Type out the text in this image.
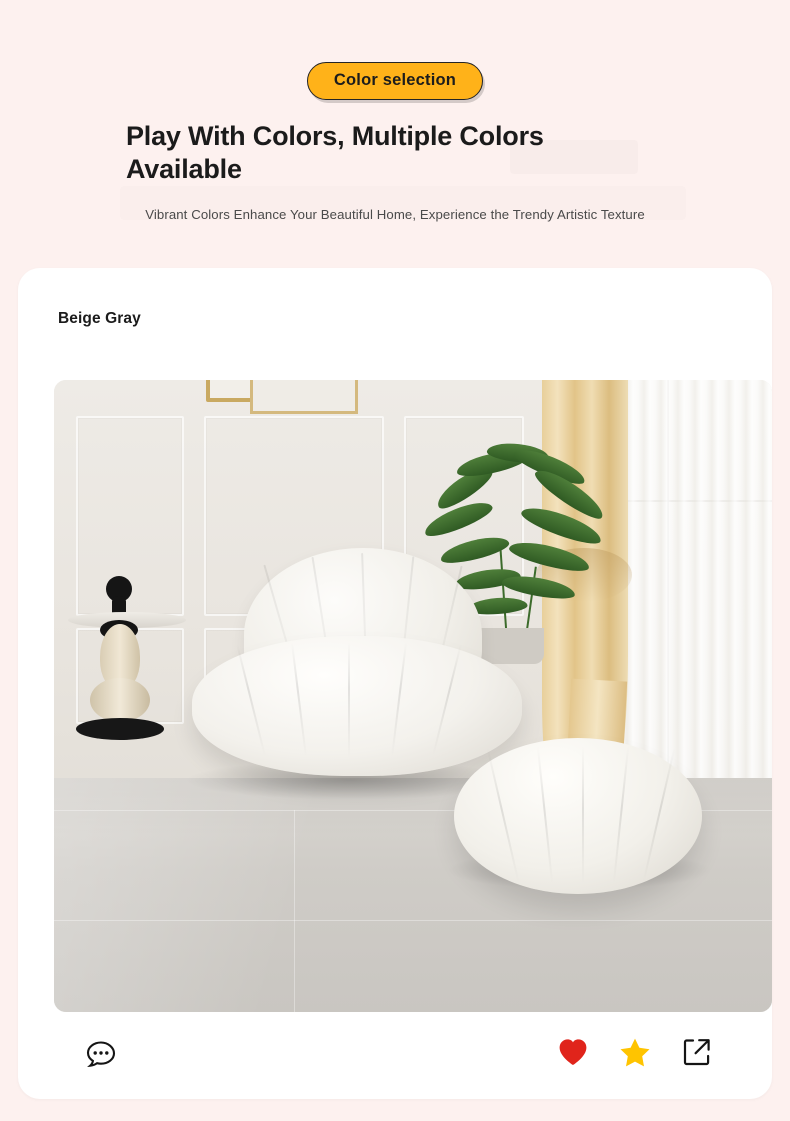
Color selection
Play With Colors, Multiple Colors Available
Vibrant Colors Enhance Your Beautiful Home, Experience the Trendy Artistic Texture
Beige Gray
